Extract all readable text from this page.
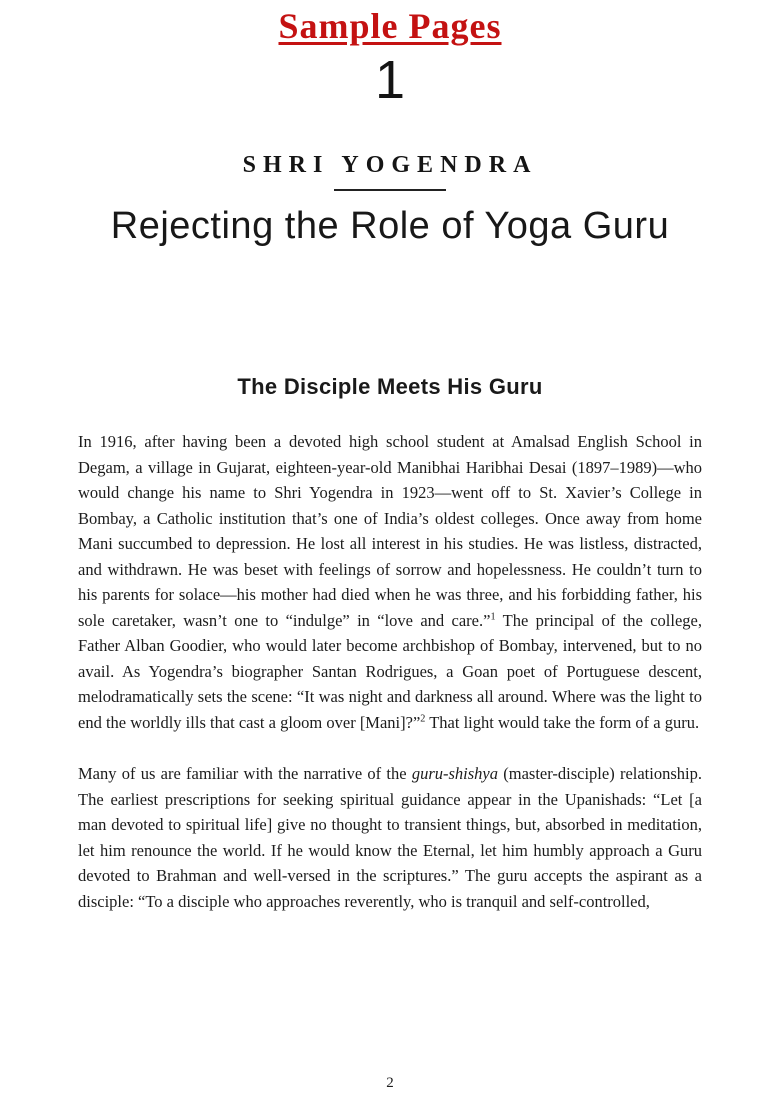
Sample Pages
1
SHRI YOGENDRA
Rejecting the Role of Yoga Guru
The Disciple Meets His Guru

In 1916, after having been a devoted high school student at Amalsad English School in Degam, a village in Gujarat, eighteen-year-old Manibhai Haribhai Desai (1897–1989)—who would change his name to Shri Yogendra in 1923—went off to St. Xavier’s College in Bombay, a Catholic institution that’s one of India’s oldest colleges. Once away from home Mani succumbed to depression. He lost all interest in his studies. He was listless, distracted, and withdrawn. He was beset with feelings of sorrow and hopelessness. He couldn’t turn to his parents for solace—his mother had died when he was three, and his forbidding father, his sole caretaker, wasn’t one to “indulge” in “love and care.”$^1$ The principal of the college, Father Alban Goodier, who would later become archbishop of Bombay, intervened, but to no avail. As Yogendra’s biographer Santan Rodrigues, a Goan poet of Portuguese descent, melodramatically sets the scene: “It was night and darkness all around. Where was the light to end the worldly ills that cast a gloom over [Mani]?”$^2$ That light would take the form of a guru.

Many of us are familiar with the narrative of the guru-shishya (master-disciple) relationship. The earliest prescriptions for seeking spiritual guidance appear in the Upanishads: “Let [a man devoted to spiritual life] give no thought to transient things, but, absorbed in meditation, let him renounce the world. If he would know the Eternal, let him humbly approach a Guru devoted to Brahman and well-versed in the scriptures.” The guru accepts the aspirant as a disciple: “To a disciple who approaches reverently, who is tranquil and self-controlled,

2
